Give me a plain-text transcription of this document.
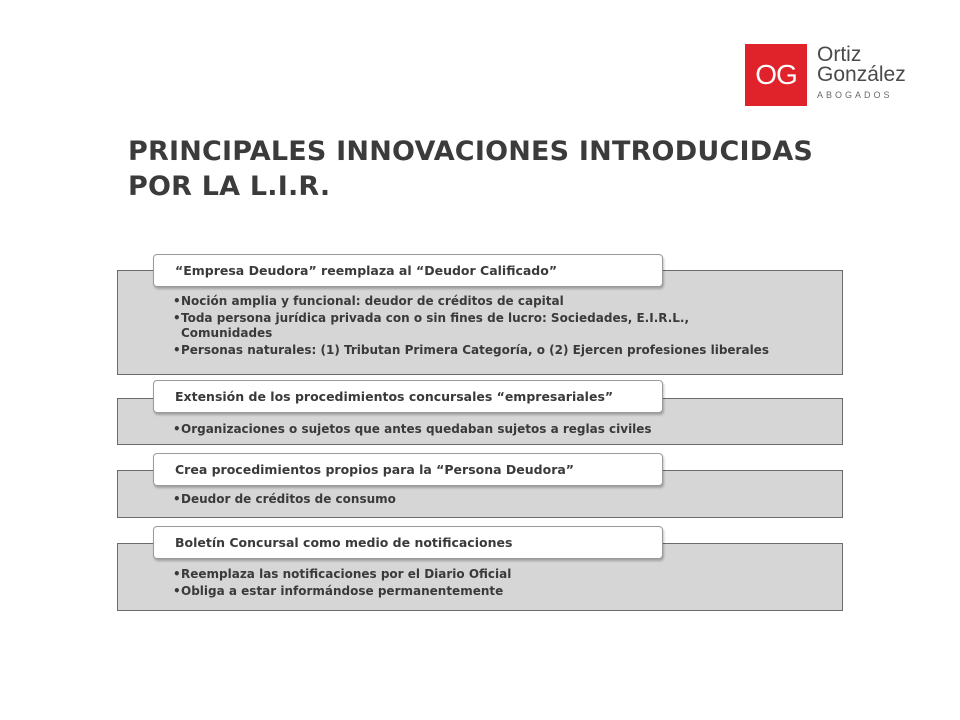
OG
Ortiz
González
ABOGADOS
PRINCIPALES INNOVACIONES INTRODUCIDAS
POR LA L.I.R.
“Empresa Deudora” reemplaza al “Deudor Calificado”
• Noción amplia y funcional: deudor de créditos de capital
• Toda persona jurídica privada con o sin fines de lucro: Sociedades, E.I.R.L., Comunidades
• Personas naturales: (1) Tributan Primera Categoría, o (2) Ejercen profesiones liberales
Extensión de los procedimientos concursales “empresariales”
• Organizaciones o sujetos que antes quedaban sujetos a reglas civiles
Crea procedimientos propios para la “Persona Deudora”
• Deudor de créditos de consumo
Boletín Concursal como medio de notificaciones
• Reemplaza las notificaciones por el Diario Oficial
• Obliga a estar informándose permanentemente
